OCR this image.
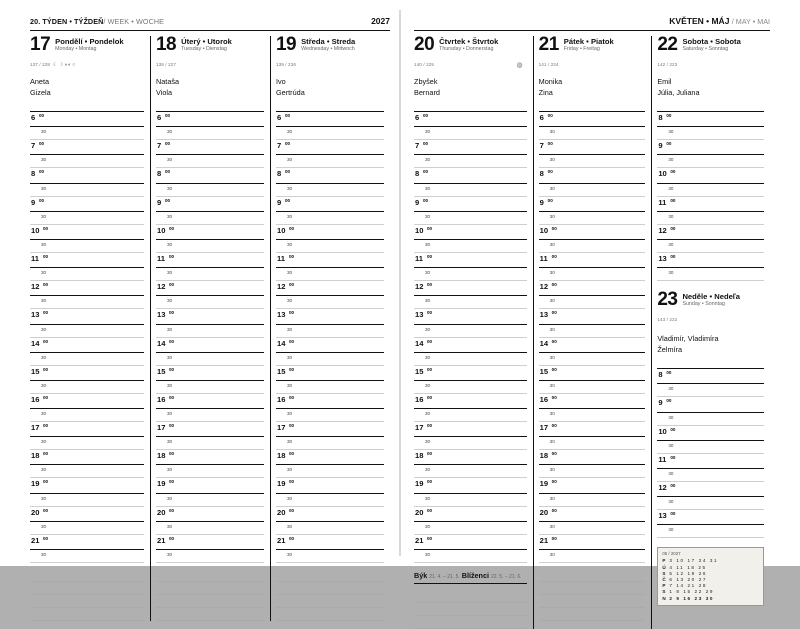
20. TÝDEN • TÝŽDEŇ/ WEEK • WOCHE	2027
17 Pondělí • Pondelok
Monday • Montag
137 / 228 ☾☽◑◐○
Aneta
Gizela
6 $^{00}$
30
7 $^{00}$
30
8 $^{00}$
30
9 $^{00}$
30
10 $^{00}$
30
11 $^{00}$
30
12 $^{00}$
30
13 $^{00}$
30
14 $^{00}$
30
15 $^{00}$
30
16 $^{00}$
30
17 $^{00}$
30
18 $^{00}$
30
19 $^{00}$
30
20 $^{00}$
30
21 $^{00}$
30
18 Úterý • Utorok
Tuesday • Dienstag
138 / 227
Nataša
Viola
6 $^{00}$
30
7 $^{00}$
30
8 $^{00}$
30
9 $^{00}$
30
10 $^{00}$
30
11 $^{00}$
30
12 $^{00}$
30
13 $^{00}$
30
14 $^{00}$
30
15 $^{00}$
30
16 $^{00}$
30
17 $^{00}$
30
18 $^{00}$
30
19 $^{00}$
30
20 $^{00}$
30
21 $^{00}$
30
19 Středa • Streda
Wednesday • Mittwoch
139 / 226
Ivo
Gertrúda
6 $^{00}$
30
7 $^{00}$
30
8 $^{00}$
30
9 $^{00}$
30
10 $^{00}$
30
11 $^{00}$
30
12 $^{00}$
30
13 $^{00}$
30
14 $^{00}$
30
15 $^{00}$
30
16 $^{00}$
30
17 $^{00}$
30
18 $^{00}$
30
19 $^{00}$
30
20 $^{00}$
30
21 $^{00}$
30
KVĚTEN • MÁJ / MAY • MAI
20 Čtvrtek • Štvrtok
Thursday • Donnerstag
140 / 225	◍
Zbyšek
Bernard
6 $^{00}$
30
7 $^{00}$
30
8 $^{00}$
30
9 $^{00}$
30
10 $^{00}$
30
11 $^{00}$
30
12 $^{00}$
30
13 $^{00}$
30
14 $^{00}$
30
15 $^{00}$
30
16 $^{00}$
30
17 $^{00}$
30
18 $^{00}$
30
19 $^{00}$
30
20 $^{00}$
30
21 $^{00}$
30
Býk 21. 4. – 21. 5. Blíženci 22. 5. – 21. 6.
21 Pátek • Piatok
Friday • Freitag
141 / 224
Monika
Zina
6 $^{00}$
30
7 $^{00}$
30
8 $^{00}$
30
9 $^{00}$
30
10 $^{00}$
30
11 $^{00}$
30
12 $^{00}$
30
13 $^{00}$
30
14 $^{00}$
30
15 $^{00}$
30
16 $^{00}$
30
17 $^{00}$
30
18 $^{00}$
30
19 $^{00}$
30
20 $^{00}$
30
21 $^{00}$
30
22 Sobota • Sobota
Saturday • Sonntag
142 / 223
Emil
Júlia, Juliana
8 $^{00}$
30
9 $^{00}$
30
10 $^{00}$
30
11 $^{00}$
30
12 $^{00}$
30
13 $^{00}$
30
23 Neděle • Nedeľa
Sunday • Sonntag
143 / 222
Vladimír, Vladimíra
Želmíra
8 $^{00}$
30
9 $^{00}$
30
10 $^{00}$
30
11 $^{00}$
30
12 $^{00}$
30
13 $^{00}$
30
05 / 2027
P 3 10 17 24 31
Ú 4 11 18 25
S 5 12 19 26
Č 6 13 20 27
P 7 14 21 28
S 1 8 15 22 29
N 2 9 16 23 30
